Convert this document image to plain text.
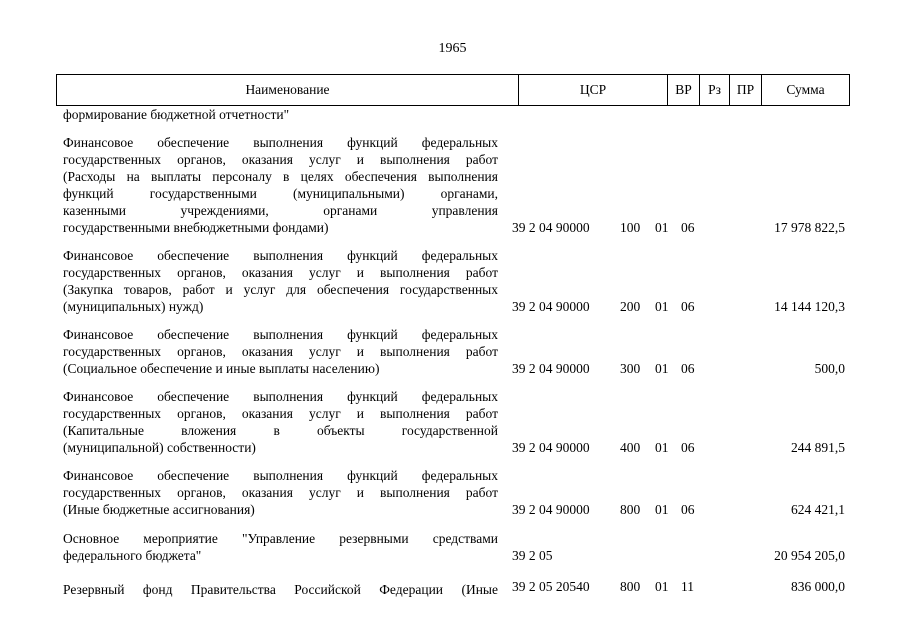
1965
Наименование	ЦСР	ВР	Рз	ПР	Сумма
формирование бюджетной отчетности"
Финансовое обеспечение выполнения функций федеральных
государственных органов, оказания услуг и выполнения работ
(Расходы на выплаты персоналу в целях обеспечения выполнения
функций государственными (муниципальными) органами,
казенными учреждениями, органами управления
государственными внебюджетными фондами)	39 2 04 90000 100 01 06	17 978 822,5
Финансовое обеспечение выполнения функций федеральных
государственных органов, оказания услуг и выполнения работ
(Закупка товаров, работ и услуг для обеспечения государственных
(муниципальных) нужд)	39 2 04 90000 200 01 06	14 144 120,3
Финансовое обеспечение выполнения функций федеральных
государственных органов, оказания услуг и выполнения работ
(Социальное обеспечение и иные выплаты населению)	39 2 04 90000 300 01 06	500,0
Финансовое обеспечение выполнения функций федеральных
государственных органов, оказания услуг и выполнения работ
(Капитальные вложения в объекты государственной
(муниципальной) собственности)	39 2 04 90000 400 01 06	244 891,5
Финансовое обеспечение выполнения функций федеральных
государственных органов, оказания услуг и выполнения работ
(Иные бюджетные ассигнования)	39 2 04 90000 800 01 06	624 421,1
Основное мероприятие "Управление резервными средствами
федерального бюджета"	39 2 05	20 954 205,0
Резервный фонд Правительства Российской Федерации (Иные 39 2 05 20540 800 01 11	836 000,0
